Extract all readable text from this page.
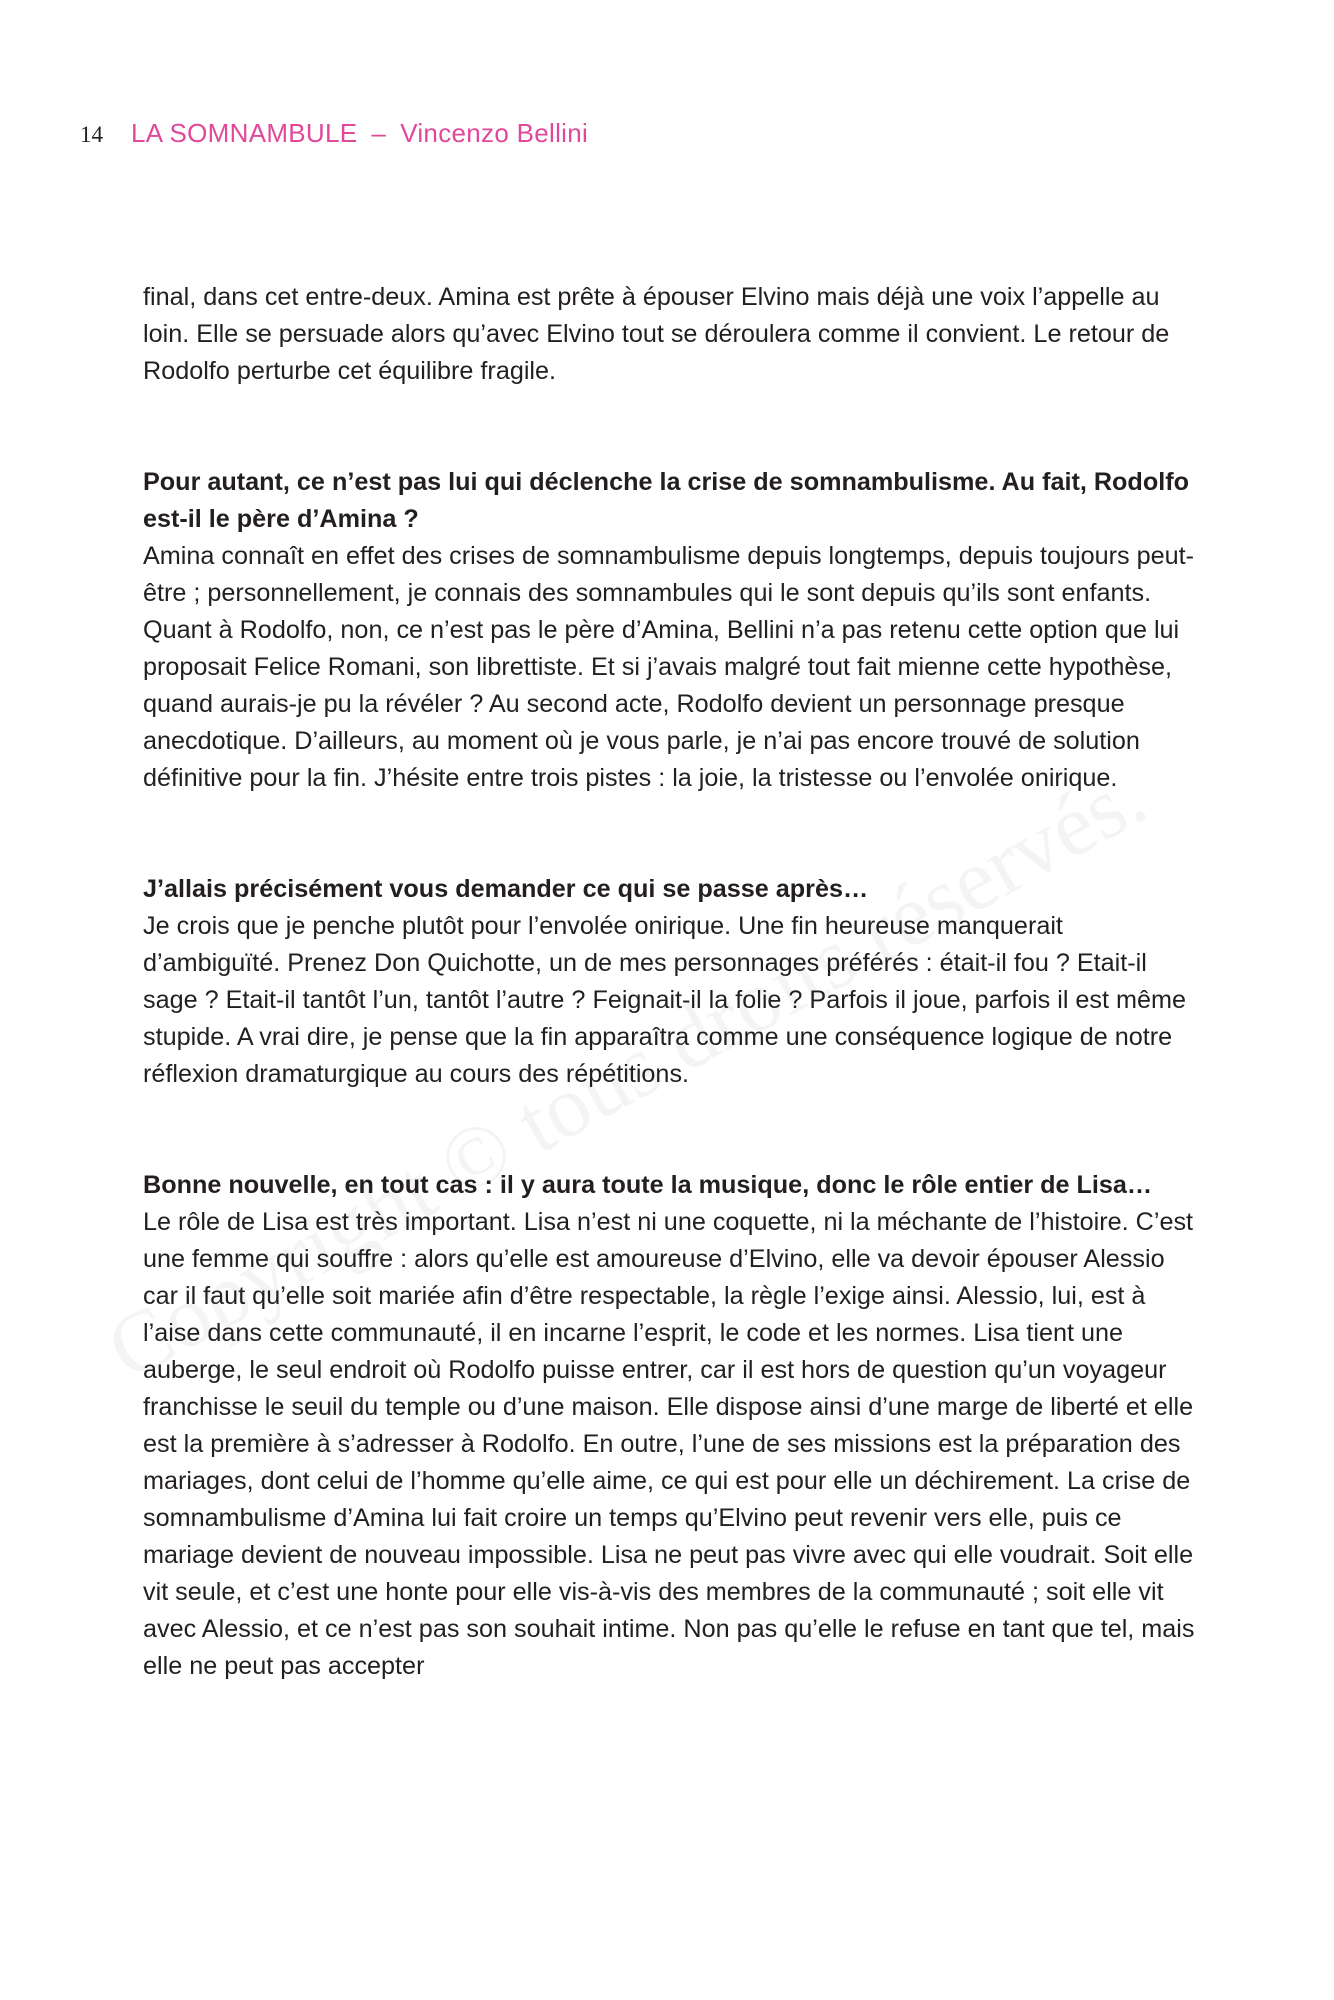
14 LA SOMNAMBULE – Vincenzo Bellini

final, dans cet entre-deux. Amina est prête à épouser Elvino mais déjà une voix l’appelle au loin. Elle se persuade alors qu’avec Elvino tout se déroulera comme il convient. Le retour de Rodolfo perturbe cet équilibre fragile.

Pour autant, ce n’est pas lui qui déclenche la crise de somnambulisme. Au fait, Rodolfo est-il le père d’Amina ?

Amina connaît en effet des crises de somnambulisme depuis longtemps, depuis toujours peut-être ; personnellement, je connais des somnambules qui le sont depuis qu’ils sont enfants. Quant à Rodolfo, non, ce n’est pas le père d’Amina, Bellini n’a pas retenu cette option que lui proposait Felice Romani, son librettiste. Et si j’avais malgré tout fait mienne cette hypothèse, quand aurais-je pu la révéler ? Au second acte, Rodolfo devient un personnage presque anecdotique. D’ailleurs, au moment où je vous parle, je n’ai pas encore trouvé de solution définitive pour la fin. J’hésite entre trois pistes : la joie, la tristesse ou l’envolée onirique.

J’allais précisément vous demander ce qui se passe après…

Je crois que je penche plutôt pour l’envolée onirique. Une fin heureuse manquerait d’ambiguïté. Prenez Don Quichotte, un de mes personnages préférés : était-il fou ? Etait-il sage ? Etait-il tantôt l’un, tantôt l’autre ? Feignait-il la folie ? Parfois il joue, parfois il est même stupide. A vrai dire, je pense que la fin apparaîtra comme une conséquence logique de notre réflexion dramaturgique au cours des répétitions.

Bonne nouvelle, en tout cas : il y aura toute la musique, donc le rôle entier de Lisa…

Le rôle de Lisa est très important. Lisa n’est ni une coquette, ni la méchante de l’histoire. C’est une femme qui souffre : alors qu’elle est amoureuse d’Elvino, elle va devoir épouser Alessio car il faut qu’elle soit mariée afin d’être respectable, la règle l’exige ainsi. Alessio, lui, est à l’aise dans cette communauté, il en incarne l’esprit, le code et les normes. Lisa tient une auberge, le seul endroit où Rodolfo puisse entrer, car il est hors de question qu’un voyageur franchisse le seuil du temple ou d’une maison. Elle dispose ainsi d’une marge de liberté et elle est la première à s’adresser à Rodolfo. En outre, l’une de ses missions est la préparation des mariages, dont celui de l’homme qu’elle aime, ce qui est pour elle un déchirement. La crise de somnambulisme d’Amina lui fait croire un temps qu’Elvino peut revenir vers elle, puis ce mariage devient de nouveau impossible. Lisa ne peut pas vivre avec qui elle voudrait. Soit elle vit seule, et c’est une honte pour elle vis-à-vis des membres de la communauté ; soit elle vit avec Alessio, et ce n’est pas son souhait intime. Non pas qu’elle le refuse en tant que tel, mais elle ne peut pas accepter
